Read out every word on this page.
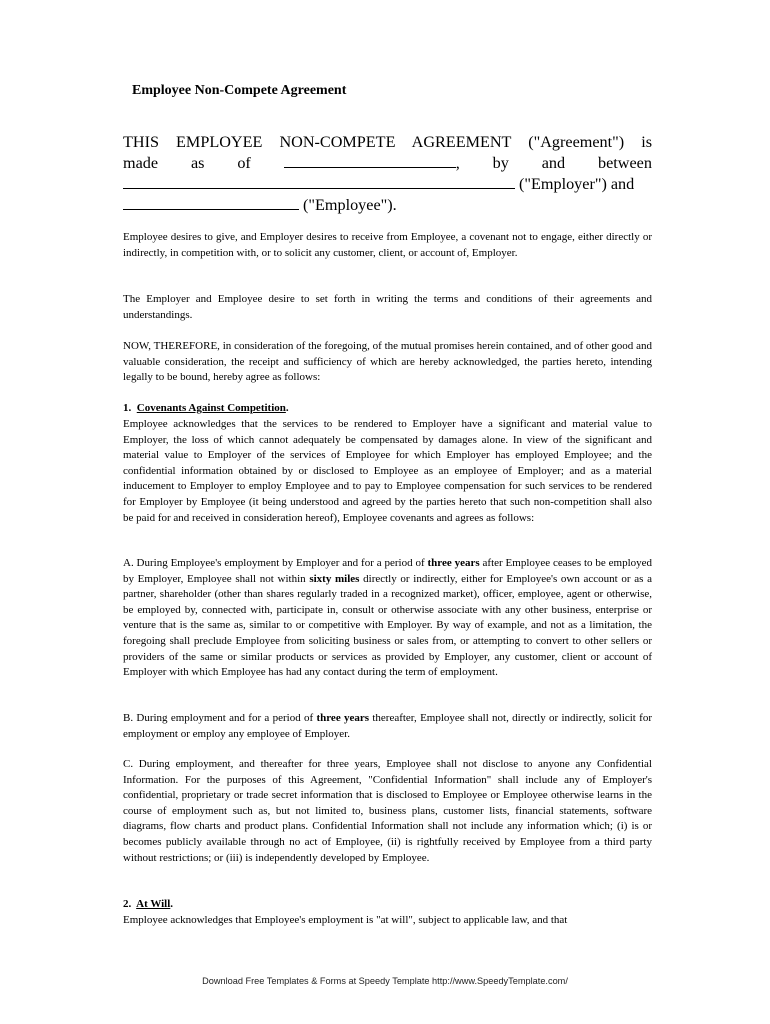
Employee Non-Compete Agreement
THIS EMPLOYEE NON-COMPETE AGREEMENT ("Agreement") is
made as of	, by and between
("Employer") and
("Employee").

Employee desires to give, and Employer desires to receive from Employee, a covenant not to engage, either directly or indirectly, in competition with, or to solicit any customer, client, or account of, Employer.

The Employer and Employee desire to set forth in writing the terms and conditions of their agreements and understandings.

NOW, THEREFORE, in consideration of the foregoing, of the mutual promises herein contained, and of other good and valuable consideration, the receipt and sufficiency of which are hereby acknowledged, the parties hereto, intending legally to be bound, hereby agree as follows:

1. Covenants Against Competition.

Employee acknowledges that the services to be rendered to Employer have a significant and material value to Employer, the loss of which cannot adequately be compensated by damages alone. In view of the significant and material value to Employer of the services of Employee for which Employer has employed Employee; and the confidential information obtained by or disclosed to Employee as an employee of Employer; and as a material inducement to Employer to employ Employee and to pay to Employee compensation for such services to be rendered for Employer by Employee (it being understood and agreed by the parties hereto that such non-competition shall also be paid for and received in consideration hereof), Employee covenants and agrees as follows:

A. During Employee's employment by Employer and for a period of three years after Employee ceases to be employed by Employer, Employee shall not within sixty miles directly or indirectly, either for Employee's own account or as a partner, shareholder (other than shares regularly traded in a recognized market), officer, employee, agent or otherwise, be employed by, connected with, participate in, consult or otherwise associate with any other business, enterprise or venture that is the same as, similar to or competitive with Employer. By way of example, and not as a limitation, the foregoing shall preclude Employee from soliciting business or sales from, or attempting to convert to other sellers or providers of the same or similar products or services as provided by Employer, any customer, client or account of Employer with which Employee has had any contact during the term of employment.

B. During employment and for a period of three years thereafter, Employee shall not, directly or indirectly, solicit for employment or employ any employee of Employer.

C. During employment, and thereafter for three years, Employee shall not disclose to anyone any Confidential Information. For the purposes of this Agreement, "Confidential Information" shall include any of Employer's confidential, proprietary or trade secret information that is disclosed to Employee or Employee otherwise learns in the course of employment such as, but not limited to, business plans, customer lists, financial statements, software diagrams, flow charts and product plans. Confidential Information shall not include any information which; (i) is or becomes publicly available through no act of Employee, (ii) is rightfully received by Employee from a third party without restrictions; or (iii) is independently developed by Employee.

2. At Will.

Employee acknowledges that Employee's employment is "at will", subject to applicable law, and that

Download Free Templates & Forms at Speedy Template http://www.SpeedyTemplate.com/
